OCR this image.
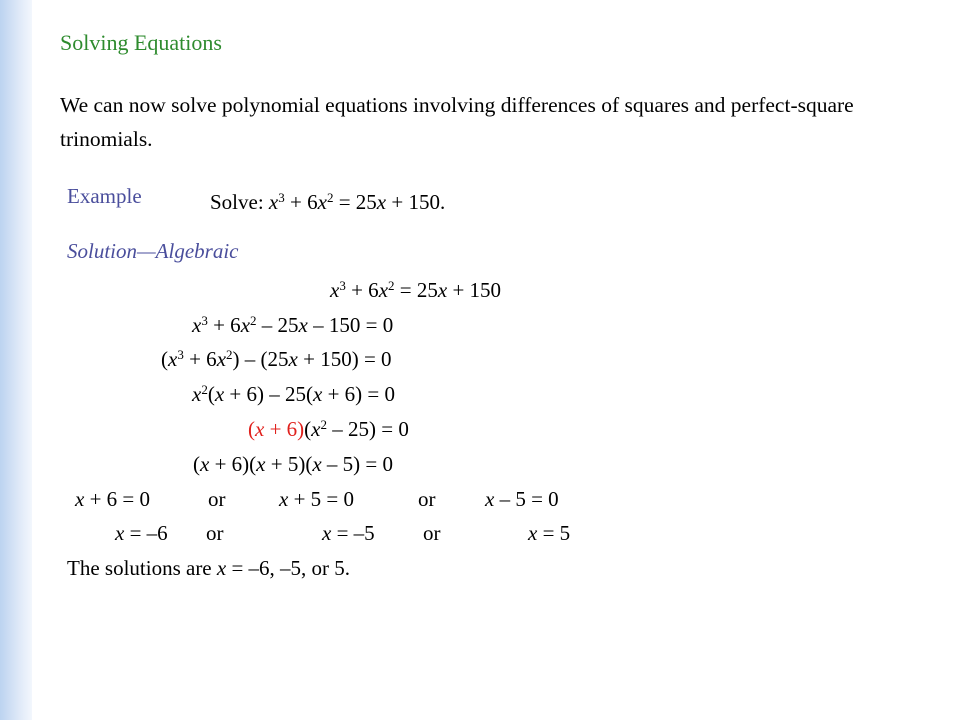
Solving Equations
We can now solve polynomial equations involving differences of squares and perfect-square trinomials.
Example	Solve: $x^3 + 6x^2 = 25x + 150$.
Solution—Algebraic
$x^3 + 6x^2 = 25x + 150$
$x^3 + 6x^2 - 25x - 150 = 0$
$(x^3 + 6x^2) - (25x + 150) = 0$
$x^2(x + 6) - 25(x + 6) = 0$
$(x + 6)(x^2 - 25) = 0$
(x + 6)(x + 5)(x – 5) = 0
x + 6 = 0	or	x + 5 = 0	or x – 5 = 0
x = –6 or	x = –5 or	x = 5
The solutions are x = –6, –5, or 5.
